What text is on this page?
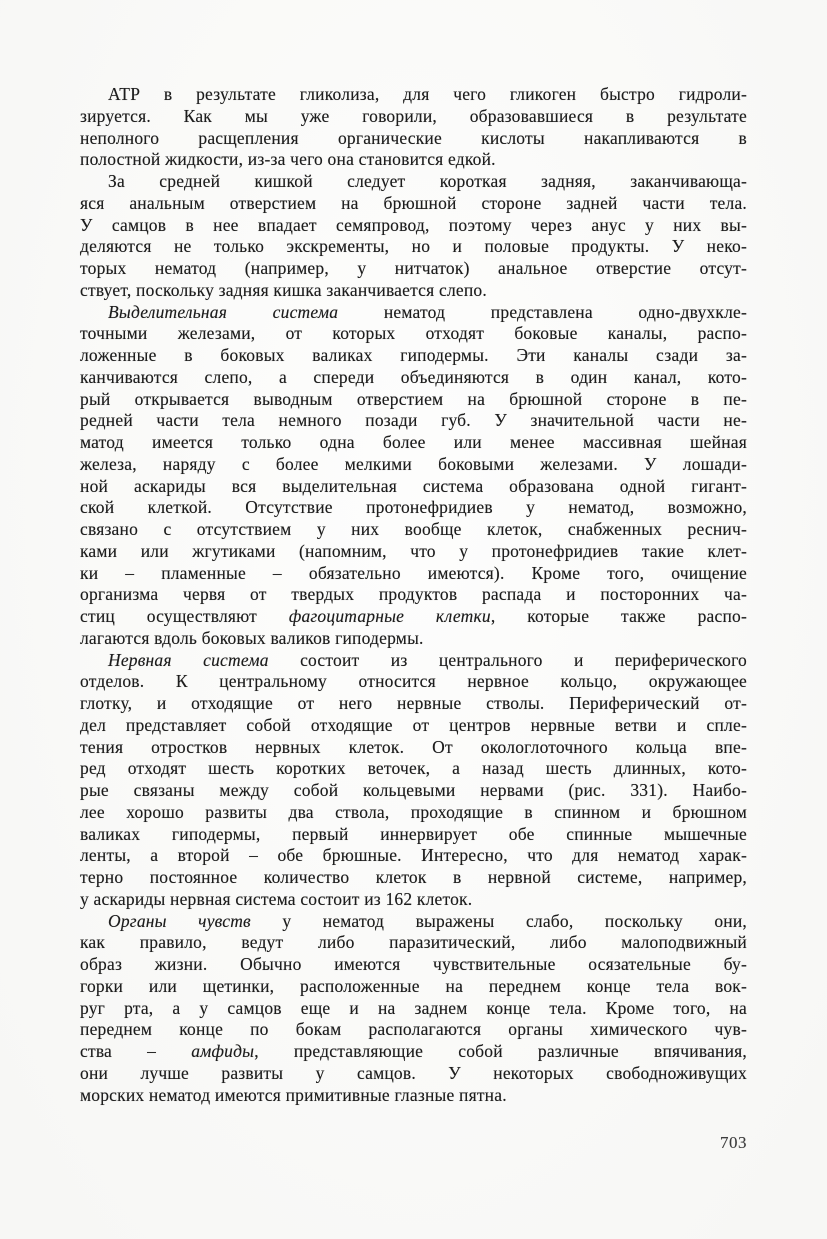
АТР в результате гликолиза, для чего гликоген быстро гидроли-
зируется. Как мы уже говорили, образовавшиеся в результате
неполного расщепления органические кислоты накапливаются в
полостной жидкости, из-за чего она становится едкой.
За средней кишкой следует короткая задняя, заканчивающа-
яся анальным отверстием на брюшной стороне задней части тела.
У самцов в нее впадает семяпровод, поэтому через анус у них вы-
деляются не только экскременты, но и половые продукты. У неко-
торых нематод (например, у нитчаток) анальное отверстие отсут-
ствует, поскольку задняя кишка заканчивается слепо.
Выделительная система нематод представлена одно-двухкле-
точными железами, от которых отходят боковые каналы, распо-
ложенные в боковых валиках гиподермы. Эти каналы сзади за-
канчиваются слепо, а спереди объединяются в один канал, кото-
рый открывается выводным отверстием на брюшной стороне в пе-
редней части тела немного позади губ. У значительной части не-
матод имеется только одна более или менее массивная шейная
железа, наряду с более мелкими боковыми железами. У лошади-
ной аскариды вся выделительная система образована одной гигант-
ской клеткой. Отсутствие протонефридиев у нематод, возможно,
связано с отсутствием у них вообще клеток, снабженных реснич-
ками или жгутиками (напомним, что у протонефридиев такие клет-
ки – пламенные – обязательно имеются). Кроме того, очищение
организма червя от твердых продуктов распада и посторонних ча-
стиц осуществляют фагоцитарные клетки, которые также распо-
лагаются вдоль боковых валиков гиподермы.
Нервная система состоит из центрального и периферического
отделов. К центральному относится нервное кольцо, окружающее
глотку, и отходящие от него нервные стволы. Периферический от-
дел представляет собой отходящие от центров нервные ветви и спле-
тения отростков нервных клеток. От окологлоточного кольца впе-
ред отходят шесть коротких веточек, а назад шесть длинных, кото-
рые связаны между собой кольцевыми нервами (рис. 331). Наибо-
лее хорошо развиты два ствола, проходящие в спинном и брюшном
валиках гиподермы, первый иннервирует обе спинные мышечные
ленты, а второй – обе брюшные. Интересно, что для нематод харак-
терно постоянное количество клеток в нервной системе, например,
у аскариды нервная система состоит из 162 клеток.
Органы чувств у нематод выражены слабо, поскольку они,
как правило, ведут либо паразитический, либо малоподвижный
образ жизни. Обычно имеются чувствительные осязательные бу-
горки или щетинки, расположенные на переднем конце тела вок-
руг рта, а у самцов еще и на заднем конце тела. Кроме того, на
переднем конце по бокам располагаются органы химического чув-
ства – амфиды, представляющие собой различные впячивания,
они лучше развиты у самцов. У некоторых свободноживущих
морских нематод имеются примитивные глазные пятна.
703
